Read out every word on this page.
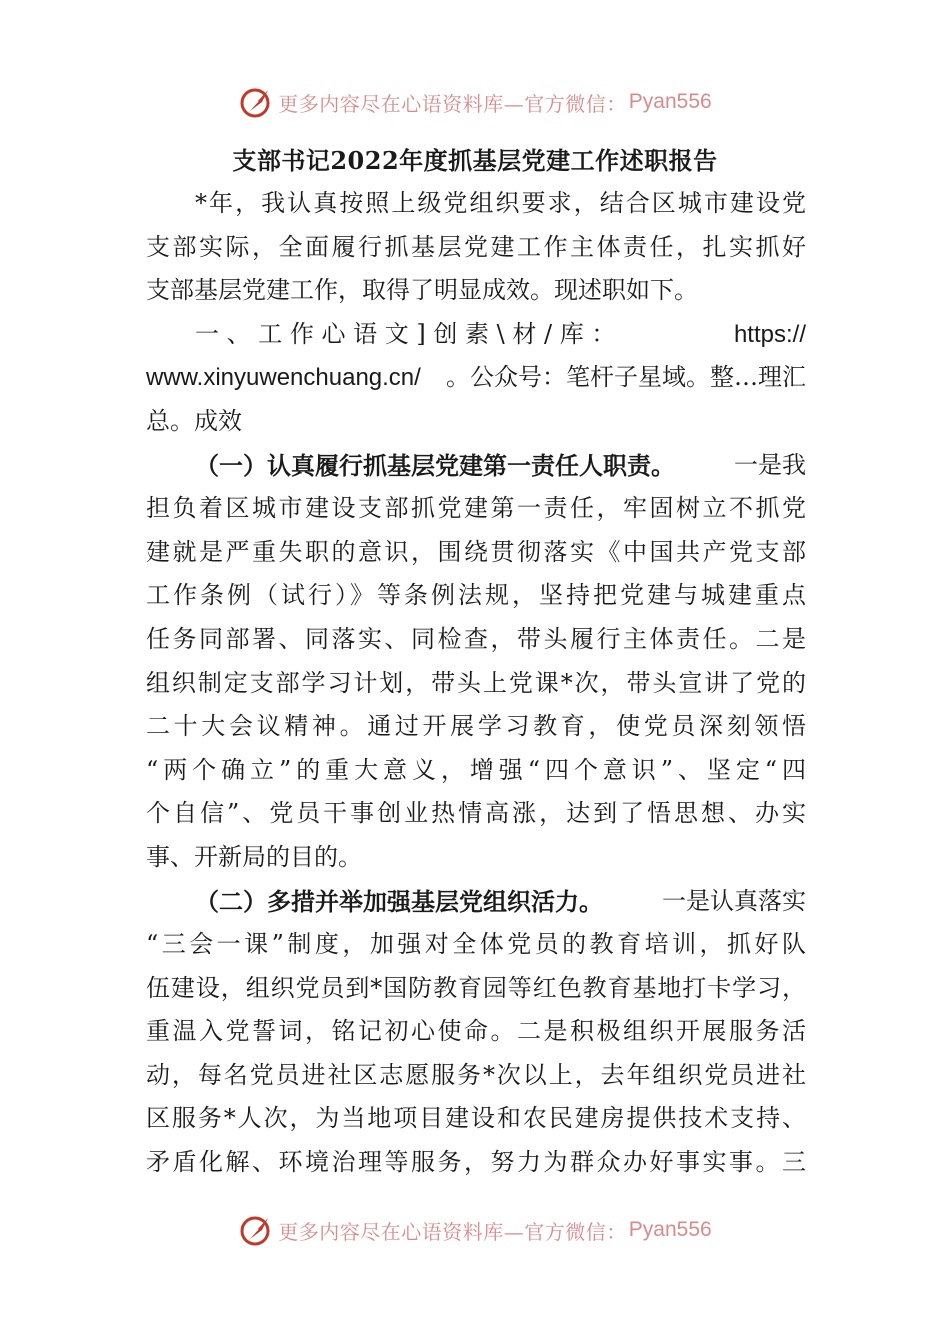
更多内容尽在心语资料库—官方微信： Pyan556
支部书记2022年度抓基层党建工作述职报告
*年，我认真按照上级党组织要求，结合区城市建设党
支部实际，全面履行抓基层党建工作主体责任，扎实抓好
支部基层党建工作，取得了明显成效。现述职如下。
一 、 工 作 心 语 文 ] 创 素 \ 材 / 库 ：	https://
www.xinyuwenchuang.cn/ 。公众号：笔杆子星域。整…理汇
总。成效
（一）认真履行抓基层党建第一责任人职责。 一是我
担负着区城市建设支部抓党建第一责任，牢固树立不抓党
建就是严重失职的意识，围绕贯彻落实《中国共产党支部
工作条例（试行）》等条例法规，坚持把党建与城建重点
任务同部署、同落实、同检查，带头履行主体责任。二是
组织制定支部学习计划，带头上党课*次，带头宣讲了党的
二十大会议精神。通过开展学习教育，使党员深刻领悟
“两个确立”的重大意义，增强“四个意识”、坚定“四
个自信”、党员干事创业热情高涨，达到了悟思想、办实
事、开新局的目的。
（二）多措并举加强基层党组织活力。 一是认真落实
“三会一课”制度，加强对全体党员的教育培训，抓好队
伍建设，组织党员到*国防教育园等红色教育基地打卡学习，
重温入党誓词，铭记初心使命。二是积极组织开展服务活
动，每名党员进社区志愿服务*次以上，去年组织党员进社
区服务*人次，为当地项目建设和农民建房提供技术支持、
矛盾化解、环境治理等服务，努力为群众办好事实事。三
更多内容尽在心语资料库—官方微信： Pyan556
